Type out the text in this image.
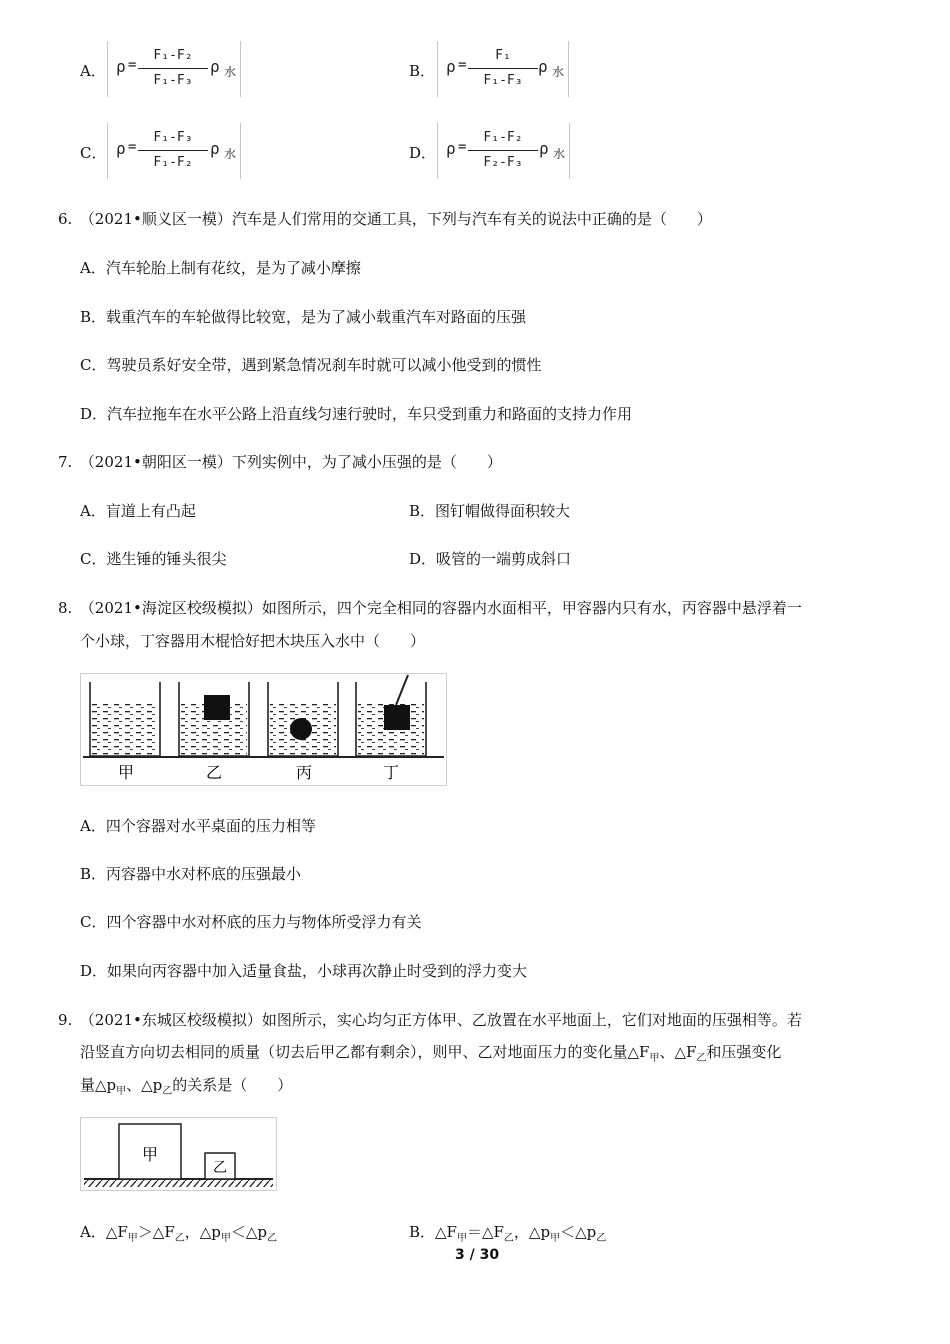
A． ρ =
F₁-F₂
F₁-F₃
ρ 水	B． ρ =
F₁
F₁-F₃
ρ 水
C． ρ =
F₁-F₃
F₁-F₂
ρ 水	D． ρ =
F₁-F₂
F₂-F₃
ρ 水
6.　（2021•顺义区一模）汽车是人们常用的交通工具，下列与汽车有关的说法中正确的是（　　）
A．汽车轮胎上制有花纹，是为了减小摩擦
B．载重汽车的车轮做得比较宽，是为了减小载重汽车对路面的压强
C．驾驶员系好安全带，遇到紧急情况刹车时就可以减小他受到的惯性
D．汽车拉拖车在水平公路上沿直线匀速行驶时，车只受到重力和路面的支持力作用
7.　（2021•朝阳区一模）下列实例中，为了减小压强的是（　　）
A．盲道上有凸起	B．图钉帽做得面积较大
C．逃生锤的锤头很尖	D．吸管的一端剪成斜口
8.　（2021•海淀区校级模拟）如图所示，四个完全相同的容器内水面相平，甲容器内只有水，丙容器中悬浮着一
个小球，丁容器用木棍恰好把木块压入水中（　　）
甲	乙	丙	丁
A．四个容器对水平桌面的压力相等
B．丙容器中水对杯底的压强最小
C．四个容器中水对杯底的压力与物体所受浮力有关
D．如果向丙容器中加入适量食盐，小球再次静止时受到的浮力变大
9.　（2021•东城区校级模拟）如图所示，实心均匀正方体甲、乙放置在水平地面上，它们对地面的压强相等。若
沿竖直方向切去相同的质量（切去后甲乙都有剩余），则甲、乙对地面压力的变化量$\triangle F_甲$、$\triangle F_乙$和压强变化
量$\triangle p_甲$、$\triangle p_乙$的关系是（　　）
甲
乙
A．$\triangle F_甲>\triangle F_乙$，$\triangle p_甲<\triangle p_乙$	B．$\triangle F_甲=\triangle F_乙$，$\triangle p_甲<\triangle p_乙$
3 / 30
